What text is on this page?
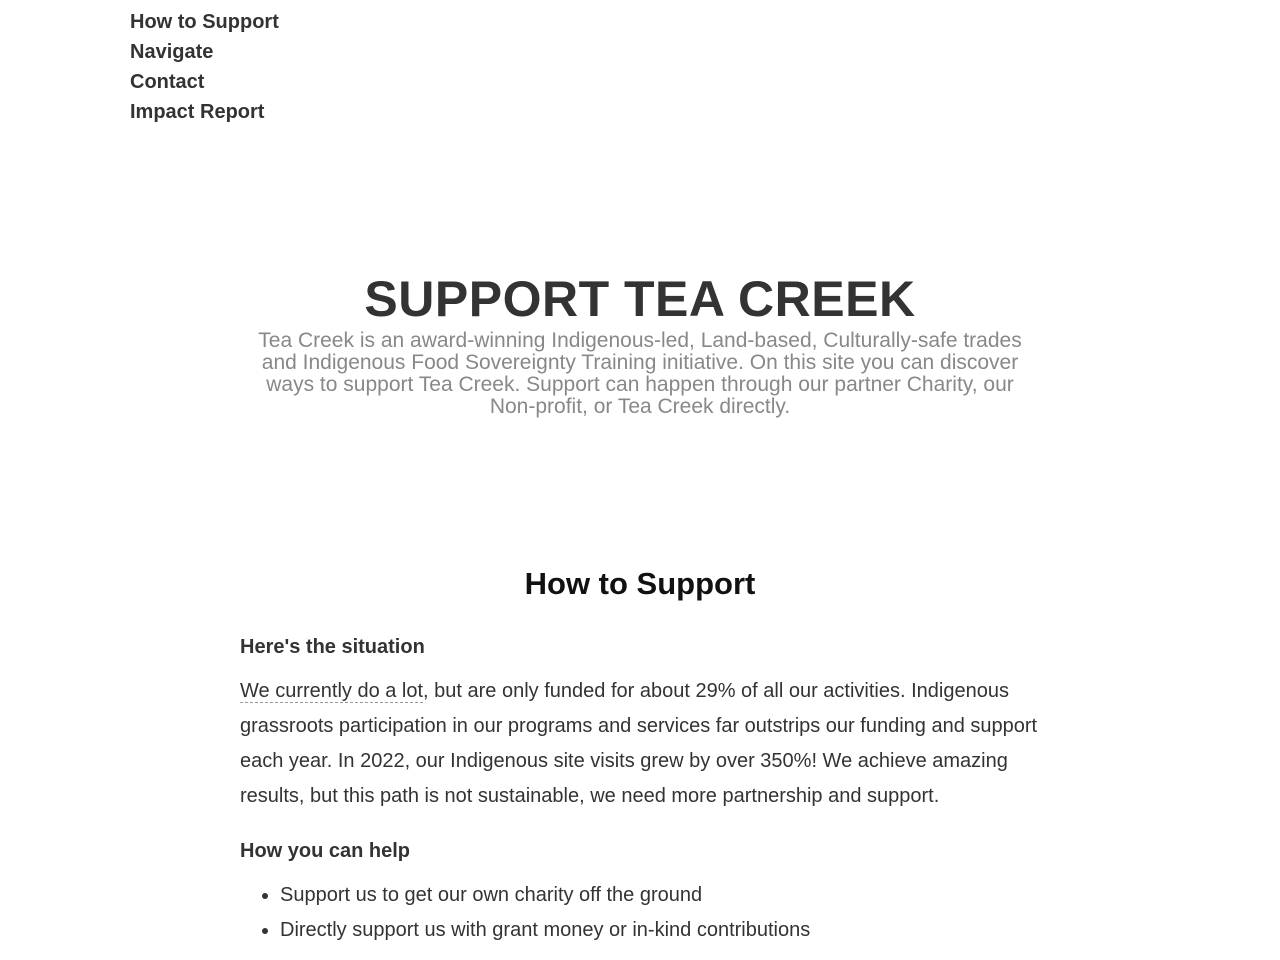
How to Support
Navigate
Contact
Impact Report
SUPPORT TEA CREEK

Tea Creek is an award-winning Indigenous-led, Land-based, Culturally-safe trades and Indigenous Food Sovereignty Training initiative. On this site you can discover ways to support Tea Creek. Support can happen through our partner Charity, our Non-profit, or Tea Creek directly.

How to Support
Here's the situation

We currently do a lot, but are only funded for about 29% of all our activities. Indigenous grassroots participation in our programs and services far outstrips our funding and support each year. In 2022, our Indigenous site visits grew by over 350%! We achieve amazing results, but this path is not sustainable, we need more partnership and support.

How you can help
• Support us to get our own charity off the ground
• Directly support us with grant money or in-kind contributions
